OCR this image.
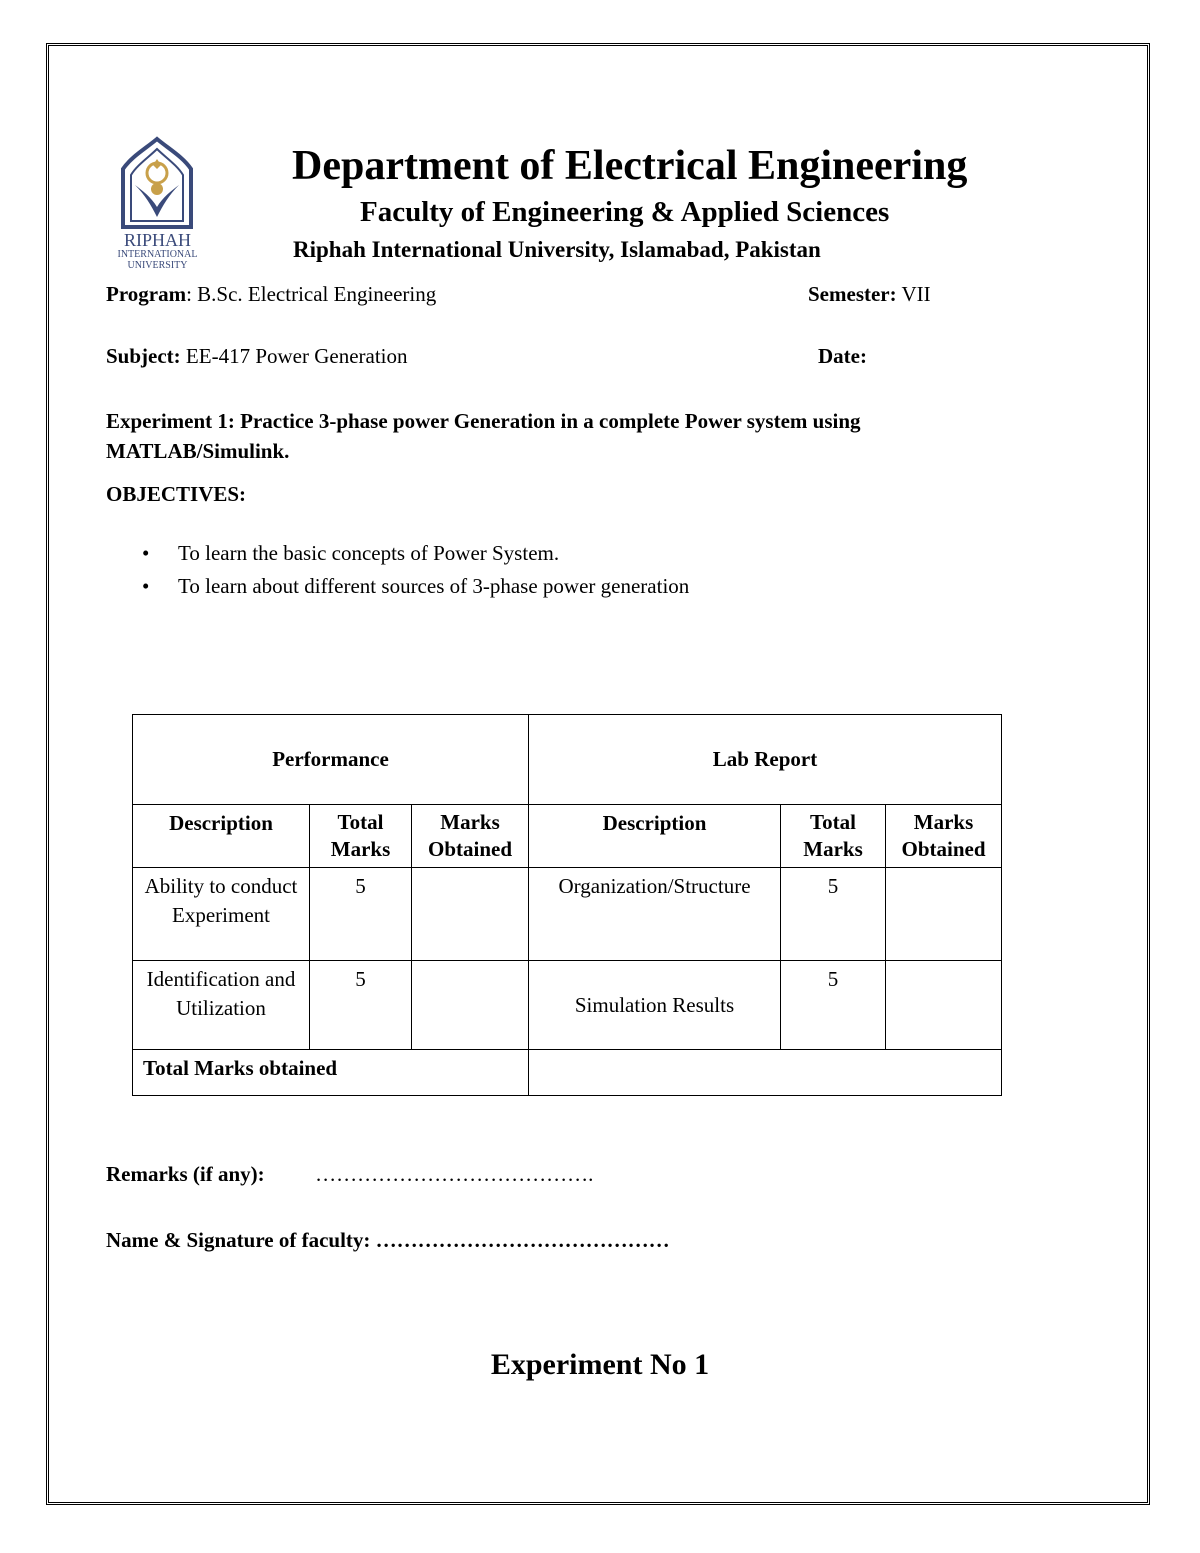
RIPHAH
INTERNATIONAL
UNIVERSITY
Department of Electrical Engineering
Faculty of Engineering & Applied Sciences
Riphah International University, Islamabad, Pakistan
Program: B.Sc. Electrical Engineering	Semester: VII
Subject: EE-417 Power Generation	Date:
Experiment 1: Practice 3-phase power Generation in a complete Power system using MATLAB/Simulink.
OBJECTIVES:
• To learn the basic concepts of Power System.
• To learn about different sources of 3-phase power generation
Performance			Lab Report		
Description	Total Marks	Marks Obtained	Description	Total Marks	Marks Obtained
Ability to conduct Experiment	5		Organization/Structure	5	
Identification and Utilization	5		Simulation Results	5	
Total Marks obtained					
Remarks (if any): ………………………………….
Name & Signature of faculty: ……………………………………
Experiment No 1
